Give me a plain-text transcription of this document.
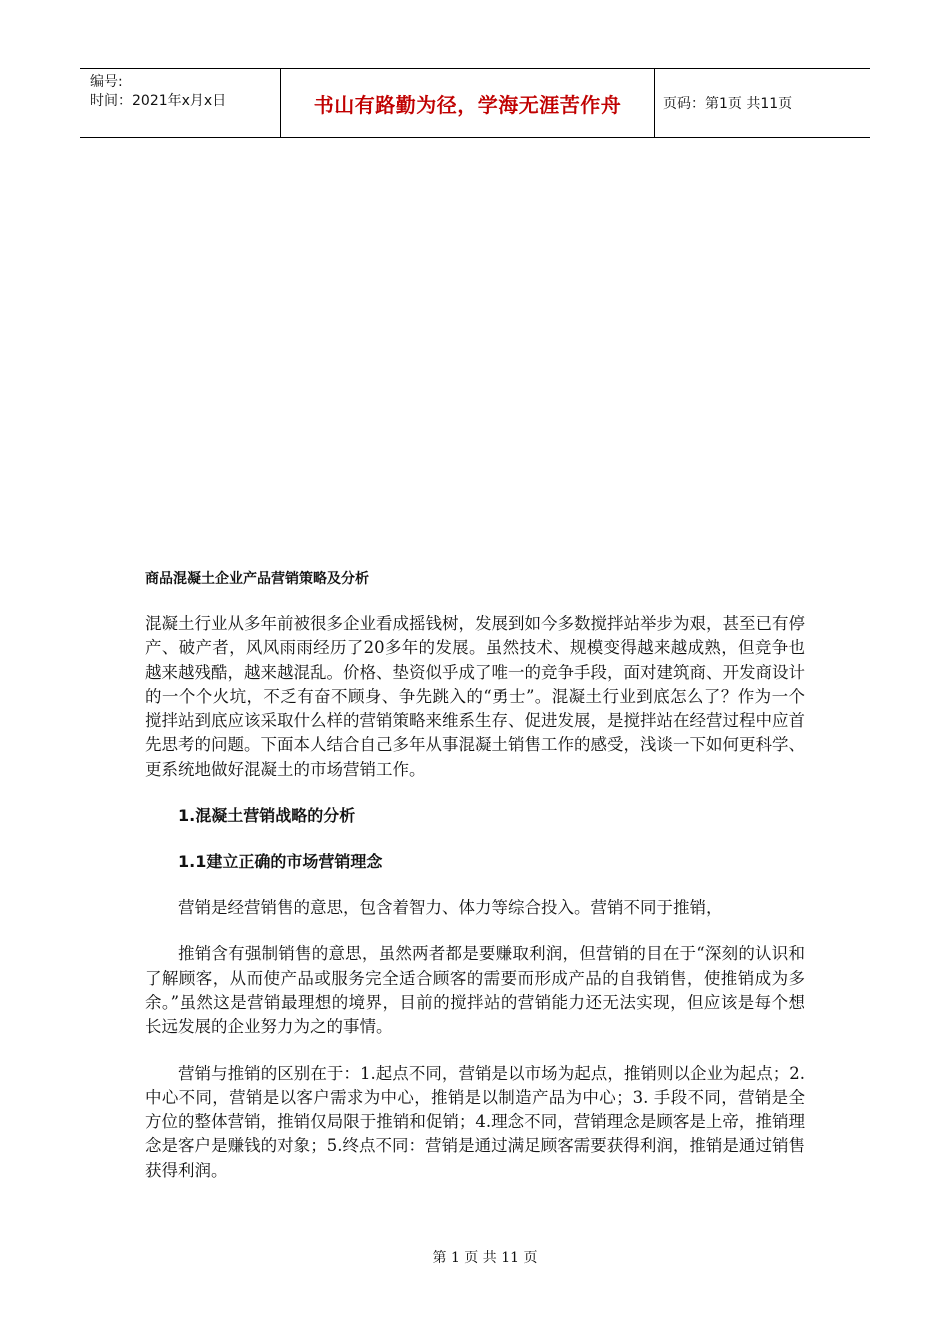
编号:
时间：2021年x月x日	书山有路勤为径，学海无涯苦作舟	页码：第1页 共11页
商品混凝土企业产品营销策略及分析

混凝土行业从多年前被很多企业看成摇钱树，发展到如今多数搅拌站举步为艰，甚至已有停产、破产者，风风雨雨经历了20多年的发展。虽然技术、规模变得越来越成熟，但竞争也越来越残酷，越来越混乱。价格、垫资似乎成了唯一的竞争手段，面对建筑商、开发商设计的一个个火坑，不乏有奋不顾身、争先跳入的“勇士”。混凝土行业到底怎么了？作为一个搅拌站到底应该采取什么样的营销策略来维系生存、促进发展，是搅拌站在经营过程中应首先思考的问题。下面本人结合自己多年从事混凝土销售工作的感受，浅谈一下如何更科学、更系统地做好混凝土的市场营销工作。

1.混凝土营销战略的分析
1.1建立正确的市场营销理念

营销是经营销售的意思，包含着智力、体力等综合投入。营销不同于推销，

推销含有强制销售的意思，虽然两者都是要赚取利润，但营销的目在于“深刻的认识和了解顾客，从而使产品或服务完全适合顾客的需要而形成产品的自我销售，使推销成为多余。”虽然这是营销最理想的境界，目前的搅拌站的营销能力还无法实现，但应该是每个想长远发展的企业努力为之的事情。

营销与推销的区别在于：1.起点不同，营销是以市场为起点，推销则以企业为起点；2.中心不同，营销是以客户需求为中心，推销是以制造产品为中心；3. 手段不同，营销是全方位的整体营销，推销仅局限于推销和促销；4.理念不同，营销理念是顾客是上帝，推销理念是客户是赚钱的对象；5.终点不同：营销是通过满足顾客需要获得利润，推销是通过销售获得利润。

第 1 页 共 11 页
